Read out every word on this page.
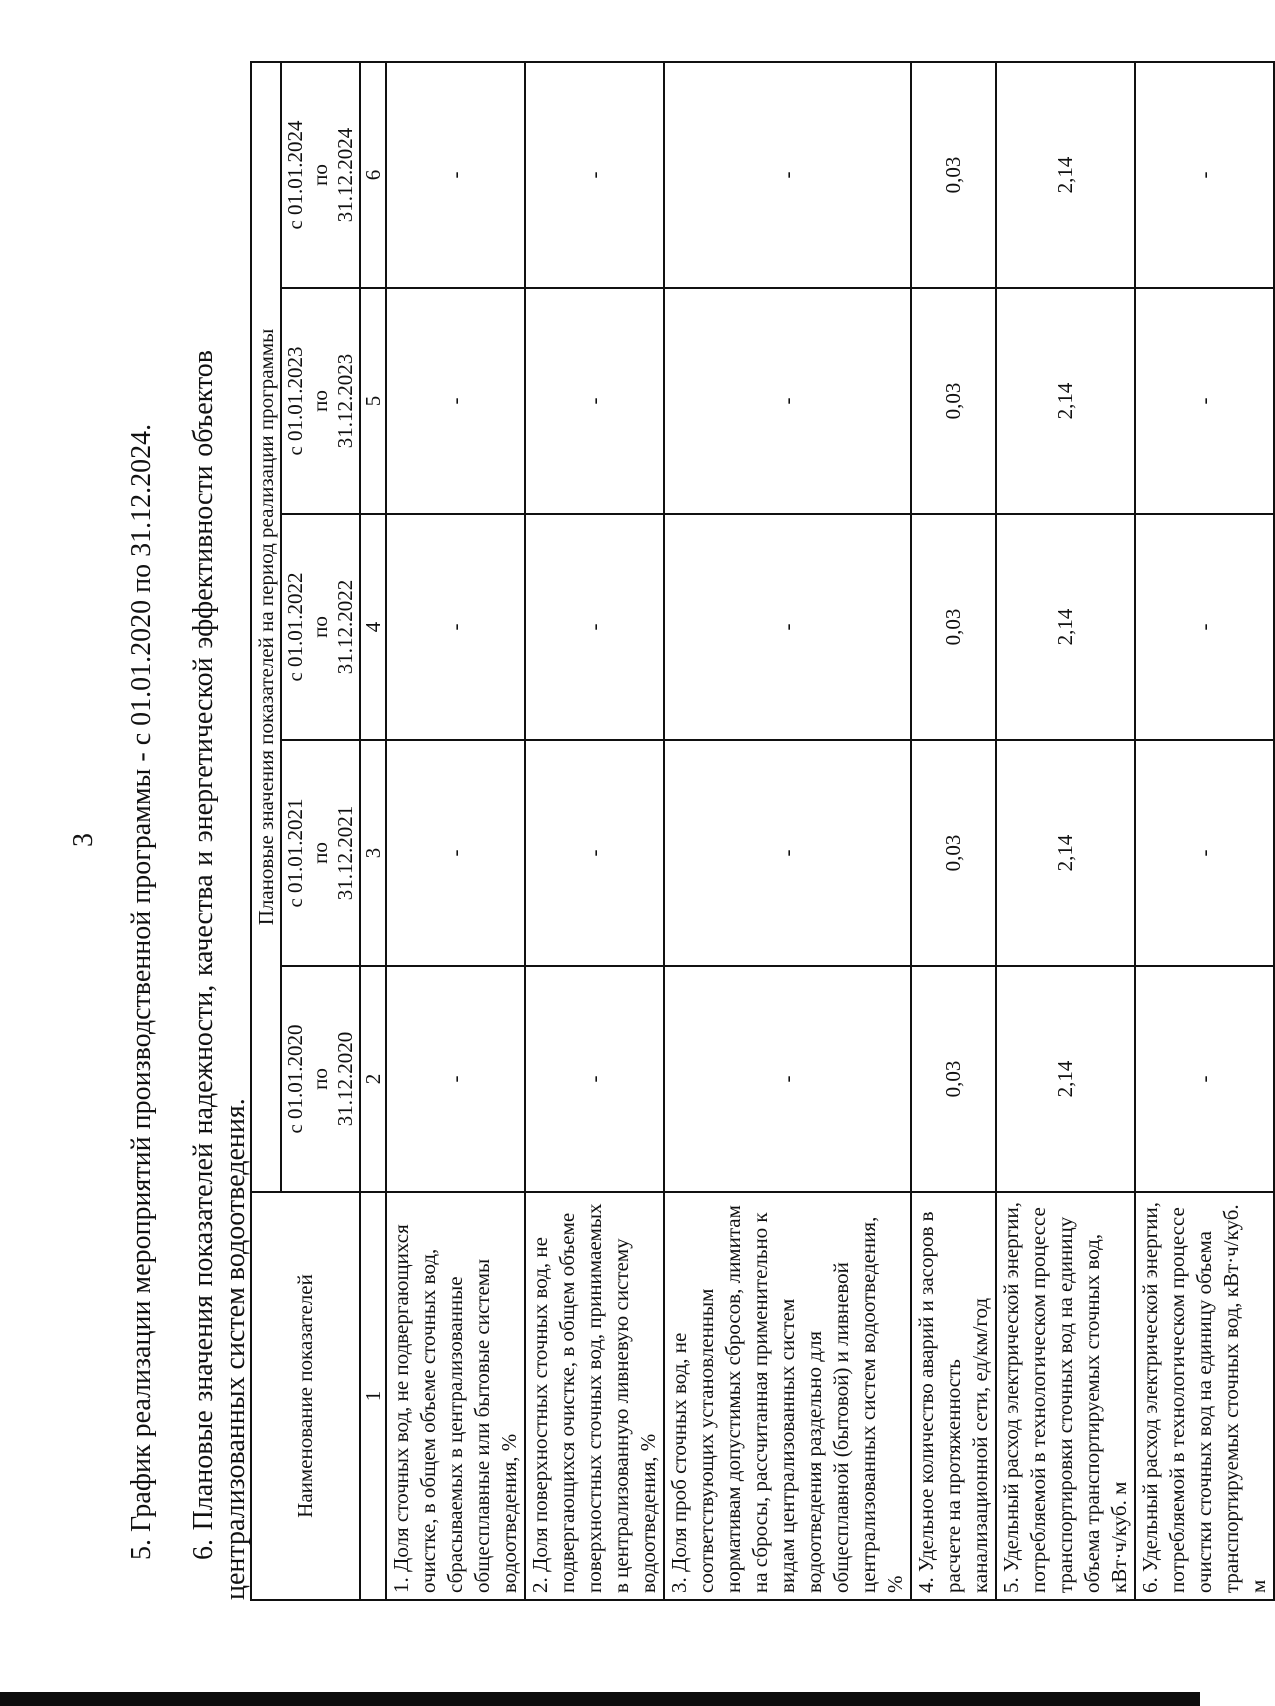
3 5. График реализации мероприятий производственной программы - с 01.01.2020 по 31.12.2024. 6. Плановые значения показателей надежности, качества и энергетической эффективности объектов централизованных систем водоотведения. Наименование показателей	Плановые значения показателей на период реализации программы				
	с 01.01.2020
по
31.12.2020	с 01.01.2021
по
31.12.2021	с 01.01.2022
по
31.12.2022	с 01.01.2023
по
31.12.2023	с 01.01.2024
по
31.12.2024
1	2	3	4	5	6
1. Доля сточных вод, не подвергающихся очистке, в общем объеме сточных вод, сбрасываемых в централизованные общесплавные или бытовые системы водоотведения, %	-	-	-	-	-
2. Доля поверхностных сточных вод, не подвергающихся очистке, в общем объеме поверхностных сточных вод, принимаемых в централизованную ливневую систему водоотведения, %	-	-	-	-	-
3. Доля проб сточных вод, не соответствующих установленным нормативам допустимых сбросов, лимитам на сбросы, рассчитанная применительно к видам централизованных систем водоотведения раздельно для общесплавной (бытовой) и ливневой централизованных систем водоотведения, %	-	-	-	-	-
4. Удельное количество аварий и засоров в расчете на протяженность канализационной сети, ед/км/год	0,03	0,03	0,03	0,03	0,03
5. Удельный расход электрической энергии, потребляемой в технологическом процессе транспортировки сточных вод на единицу объема транспортируемых сточных вод, кВт·ч/куб. м	2,14	2,14	2,14	2,14	2,14
6. Удельный расход электрической энергии, потребляемой в технологическом процессе очистки сточных вод на единицу объема транспортируемых сточных вод, кВт·ч/куб. м	-	-	-	-	-
